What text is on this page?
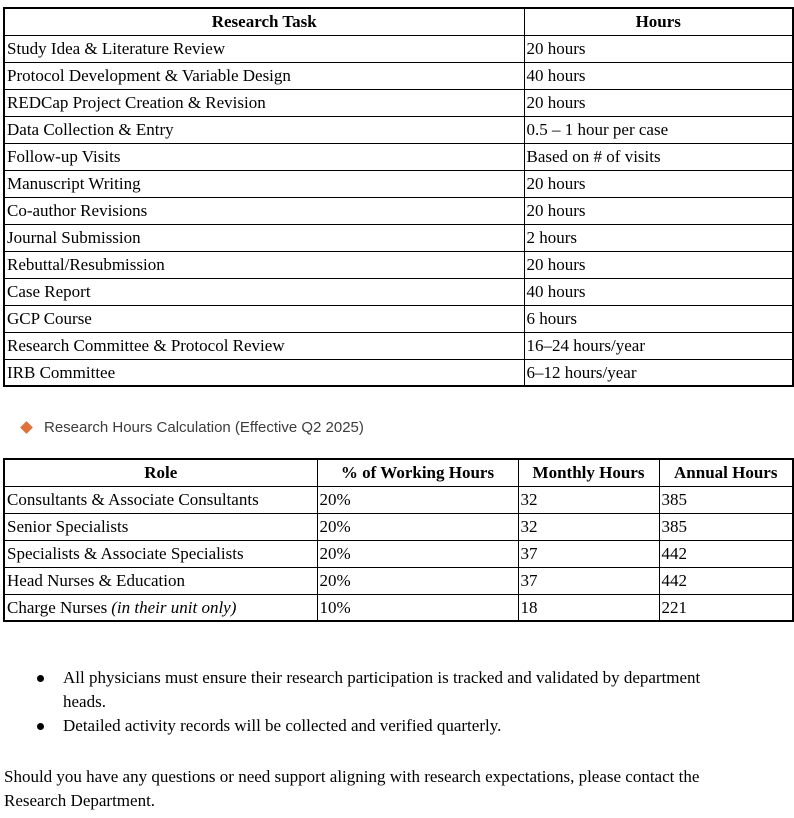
Research Task	Hours
Study Idea & Literature Review	20 hours
Protocol Development & Variable Design	40 hours
REDCap Project Creation & Revision	20 hours
Data Collection & Entry	0.5 – 1 hour per case
Follow-up Visits	Based on # of visits
Manuscript Writing	20 hours
Co-author Revisions	20 hours
Journal Submission	2 hours
Rebuttal/Resubmission	20 hours
Case Report	40 hours
GCP Course	6 hours
Research Committee & Protocol Review	16–24 hours/year
IRB Committee	6–12 hours/year
Research Hours Calculation (Effective Q2 2025)
Role	% of Working Hours	Monthly Hours	Annual Hours
Consultants & Associate Consultants	20%	32	385
Senior Specialists	20%	32	385
Specialists & Associate Specialists	20%	37	442
Head Nurses & Education	20%	37	442
Charge Nurses (in their unit only)	10%	18	221
All physicians must ensure their research participation is tracked and validated by department heads.
Detailed activity records will be collected and verified quarterly.

Should you have any questions or need support aligning with research expectations, please contact the Research Department.
